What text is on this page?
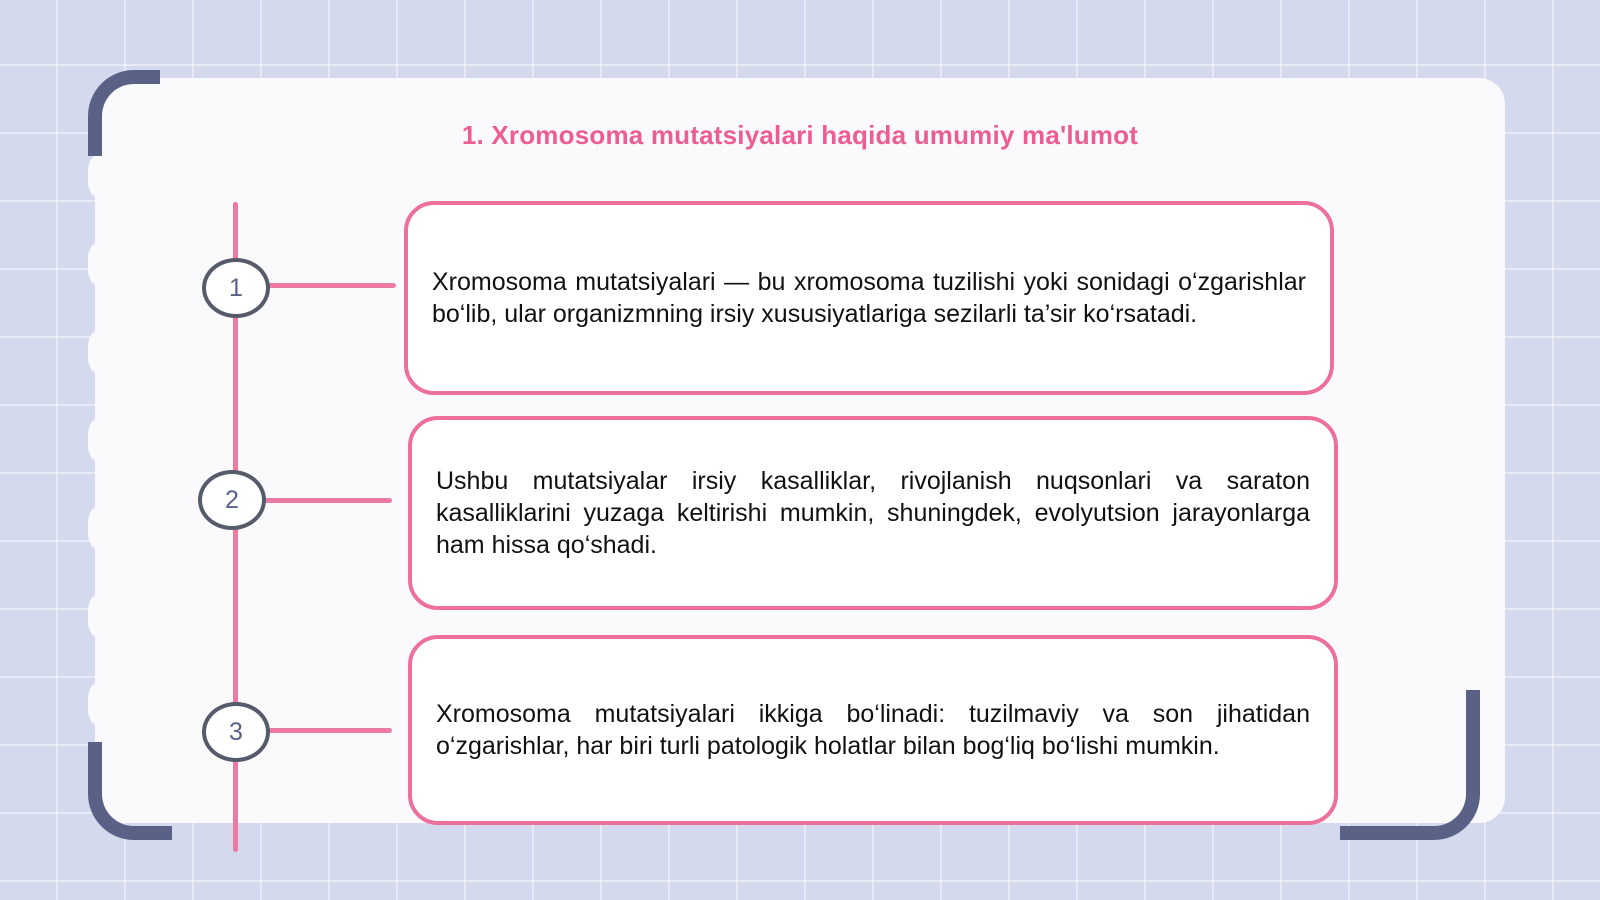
1. Xromosoma mutatsiyalari haqida umumiy ma'lumot
1
2
3

Xromosoma mutatsiyalari — bu xromosoma tuzilishi yoki sonidagi o‘zgarishlar bo‘lib, ular organizmning irsiy xususiyatlariga sezilarli ta’sir ko‘rsatadi.

Ushbu mutatsiyalar irsiy kasalliklar, rivojlanish nuqsonlari va saraton kasalliklarini yuzaga keltirishi mumkin, shuningdek, evolyutsion jarayonlarga ham hissa qo‘shadi.

Xromosoma mutatsiyalari ikkiga bo‘linadi: tuzilmaviy va son jihatidan o‘zgarishlar, har biri turli patologik holatlar bilan bog‘liq bo‘lishi mumkin.
